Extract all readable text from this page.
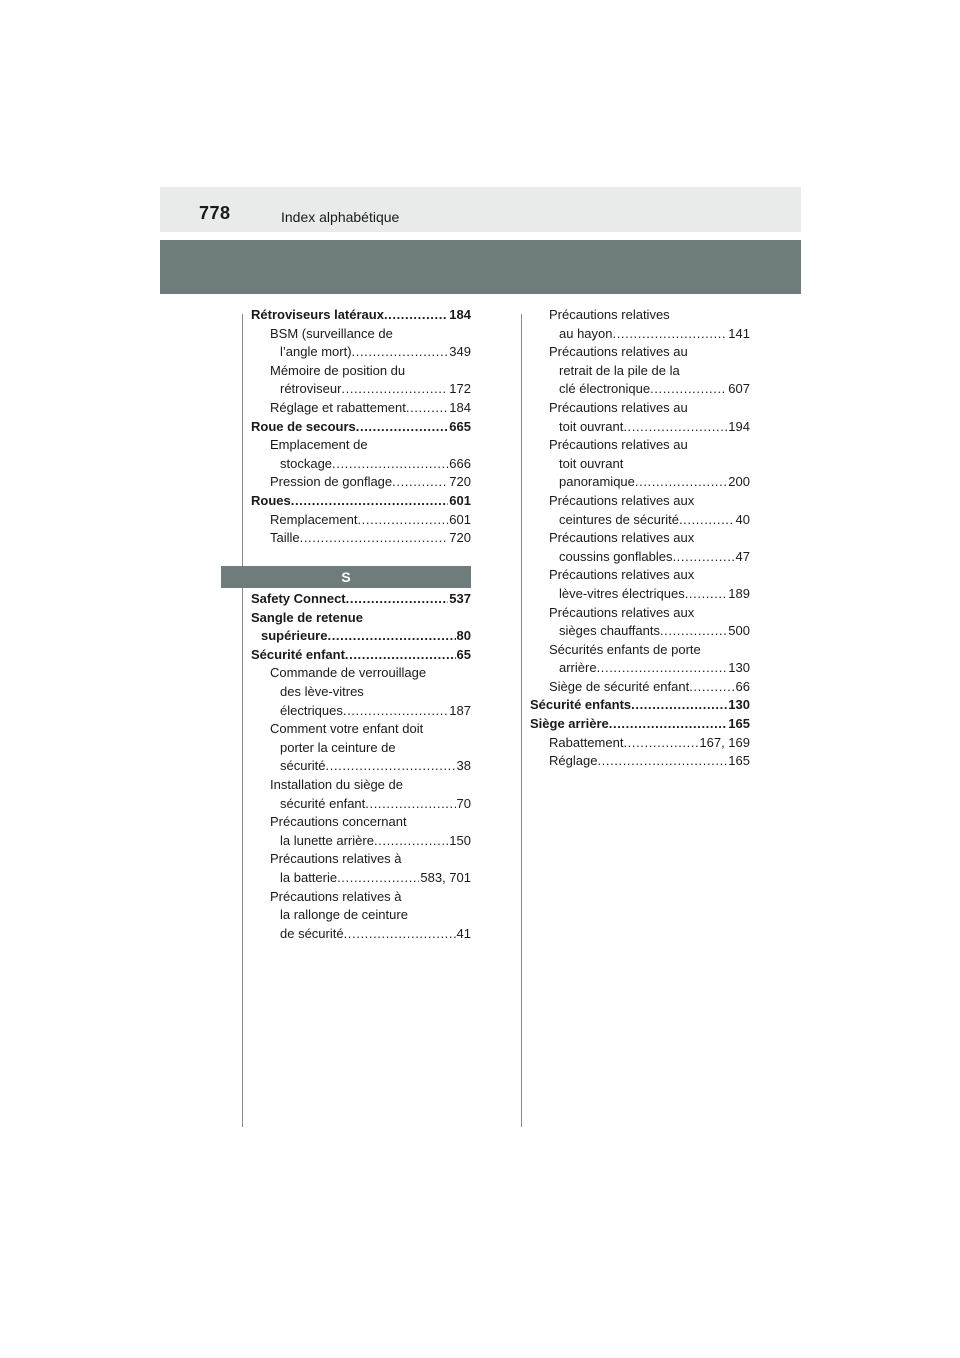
778	Index alphabétique
Rétroviseurs latéraux .....	184
BSM (surveillance de
l’angle mort) .....	349
Mémoire de position du
rétroviseur .....	172
Réglage et rabattement .....	184
Roue de secours .....	665
Emplacement de
stockage .....	666
Pression de gonflage .....	720
Roues .....	601
Remplacement .....	601
Taille .....	720
S
Safety Connect .....	537
Sangle de retenue
supérieure .....	80
Sécurité enfant .....	65
Commande de verrouillage
des lève-vitres
électriques .....	187
Comment votre enfant doit
porter la ceinture de
sécurité .....	38
Installation du siège de
sécurité enfant .....	70
Précautions concernant
la lunette arrière .....	150
Précautions relatives à
la batterie .....	583, 701
Précautions relatives à
la rallonge de ceinture
de sécurité .....	41
Précautions relatives
au hayon .....	141
Précautions relatives au
retrait de la pile de la
clé électronique .....	607
Précautions relatives au
toit ouvrant .....	194
Précautions relatives au
toit ouvrant
panoramique .....	200
Précautions relatives aux
ceintures de sécurité .....	40
Précautions relatives aux
coussins gonflables .....	47
Précautions relatives aux
lève-vitres électriques .....	189
Précautions relatives aux
sièges chauffants .....	500
Sécurités enfants de porte
arrière .....	130
Siège de sécurité enfant .....	66
Sécurité enfants .....	130
Siège arrière .....	165
Rabattement .....	167, 169
Réglage .....	165
